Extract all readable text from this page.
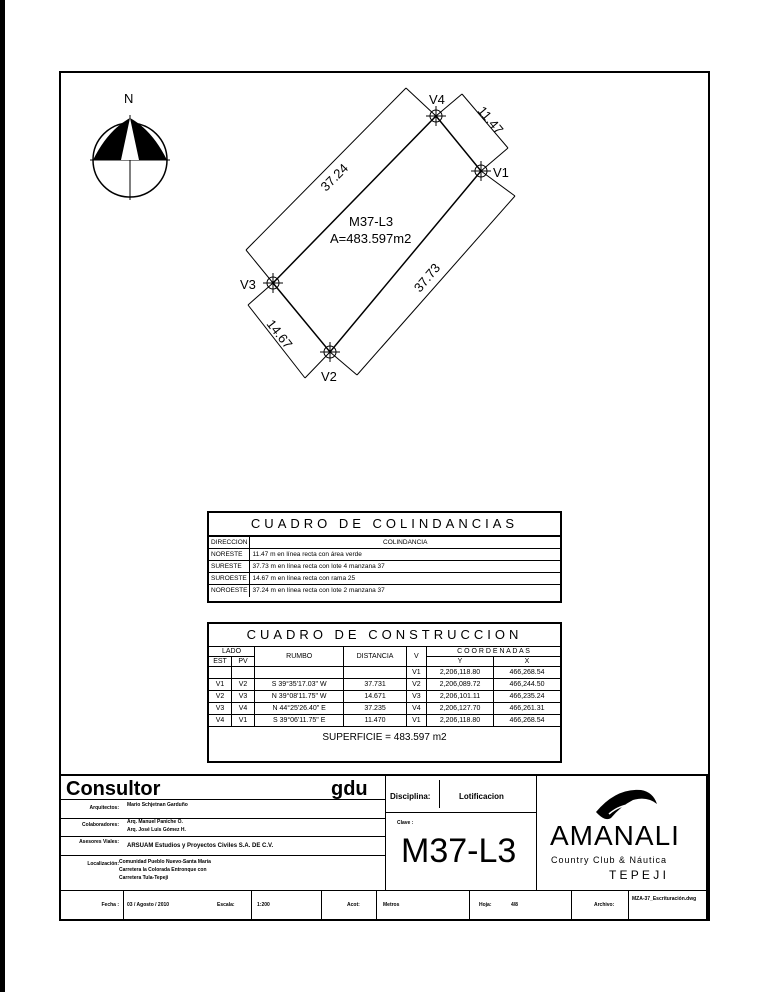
N	V4
V1
V3
V2
37.24
11.47
37.73
14.67
M37-L3
A=483.597m2
CUADRO DE COLINDANCIAS
DIRECCION	COLINDANCIA
NORESTE	11.47 m en línea recta con área verde
SURESTE	37.73 m en línea recta con lote 4 manzana 37
SUROESTE	14.67 m en línea recta con rama 25
NOROESTE	37.24 m en línea recta con lote 2 manzana 37
CUADRO DE CONSTRUCCION
LADO		RUMBO	DISTANCIA	V	C O O R D E N A D A S	
EST	PV				Y	X
				V1	2,206,118.80	466,268.54
V1	V2	S 39°35'17.03" W	37.731	V2	2,206,089.72	466,244.50
V2	V3	N 39°08'11.75" W	14.671	V3	2,206,101.11	466,235.24
V3	V4	N 44°25'26.40" E	37.235	V4	2,206,127.70	466,261.31
V4	V1	S 39°06'11.75" E	11.470	V1	2,206,118.80	466,268.54
SUPERFICIE = 483.597 m2
Consultor	gdu
Arquitectos: Mario Schjetnan Garduño
Colaboradores: Arq. Manuel Paniche O.
Arq. José Luis Gómez H.
Asesores Viales:
ARSUAM Estudios y Proyectos Civiles S.A. DE C.V.
Localización: Comunidad Pueblo Nuevo-Santa María
Carretera la Colorada Entronque con
Carretera Tula-Tepeji
Disciplina:	Lotificacion
Clave :
M37-L3 AMANALI
Country Club & Náutica
T E P E J I
Fecha : 03 / Agosto / 2010	Escala:	1:200	Acot:	Metros	Hoja:	4/8	Archivo:
MZA-37_Escrituración.dwg
